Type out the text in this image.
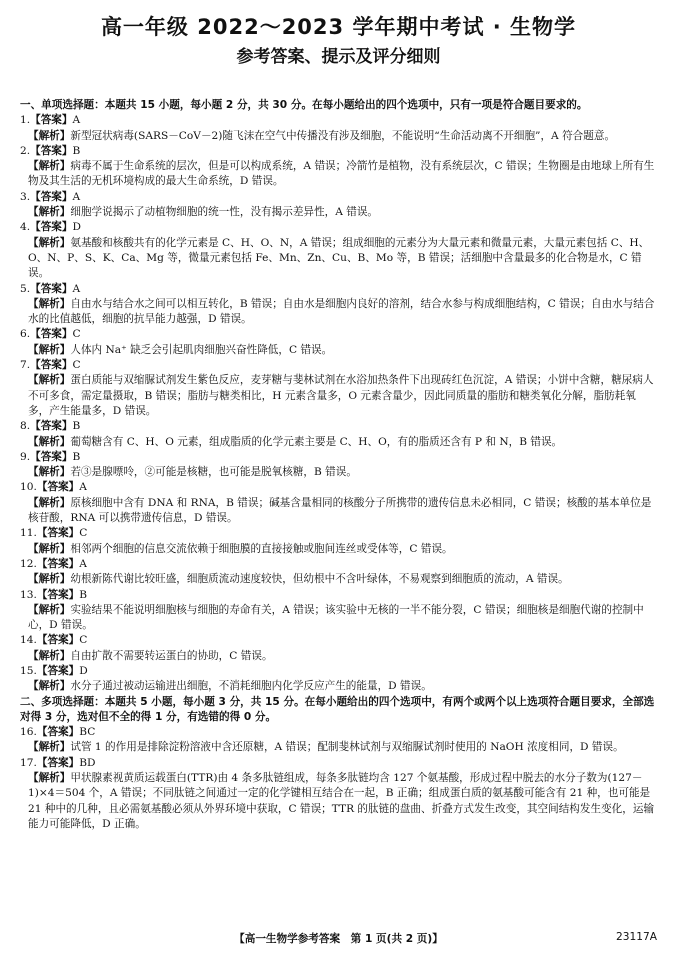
高一年级 2022～2023 学年期中考试 · 生物学
参考答案、提示及评分细则
一、单项选择题：本题共 15 小题，每小题 2 分，共 30 分。在每小题给出的四个选项中，只有一项是符合题目要求的。
1.【答案】A
【解析】新型冠状病毒(SARS－CoV－2)随飞沫在空气中传播没有涉及细胞，不能说明“生命活动离不开细胞”，A 符合题意。
2.【答案】B
【解析】病毒不属于生命系统的层次，但是可以构成系统，A 错误；冷箭竹是植物，没有系统层次，C 错误；生物圈是由地球上所有生物及其生活的无机环境构成的最大生命系统，D 错误。
3.【答案】A
【解析】细胞学说揭示了动植物细胞的统一性，没有揭示差异性，A 错误。
4.【答案】D
【解析】氨基酸和核酸共有的化学元素是 C、H、O、N，A 错误；组成细胞的元素分为大量元素和微量元素，大量元素包括 C、H、O、N、P、S、K、Ca、Mg 等，微量元素包括 Fe、Mn、Zn、Cu、B、Mo 等，B 错误；活细胞中含量最多的化合物是水，C 错误。
5.【答案】A
【解析】自由水与结合水之间可以相互转化，B 错误；自由水是细胞内良好的溶剂，结合水参与构成细胞结构，C 错误；自由水与结合水的比值越低，细胞的抗旱能力越强，D 错误。
6.【答案】C
【解析】人体内 Na⁺ 缺乏会引起肌肉细胞兴奋性降低，C 错误。
7.【答案】C
【解析】蛋白质能与双缩脲试剂发生紫色反应，麦芽糖与斐林试剂在水浴加热条件下出现砖红色沉淀，A 错误；小饼中含糖，糖尿病人不可多食，需定量摄取，B 错误；脂肪与糖类相比，H 元素含量多，O 元素含量少，因此同质量的脂肪和糖类氧化分解，脂肪耗氧多，产生能量多，D 错误。
8.【答案】B
【解析】葡萄糖含有 C、H、O 元素，组成脂质的化学元素主要是 C、H、O，有的脂质还含有 P 和 N，B 错误。
9.【答案】B
【解析】若③是腺嘌呤，②可能是核糖，也可能是脱氧核糖，B 错误。
10.【答案】A
【解析】原核细胞中含有 DNA 和 RNA，B 错误；碱基含量相同的核酸分子所携带的遗传信息未必相同，C 错误；核酸的基本单位是核苷酸，RNA 可以携带遗传信息，D 错误。
11.【答案】C
【解析】相邻两个细胞的信息交流依赖于细胞膜的直接接触或胞间连丝或受体等，C 错误。
12.【答案】A
【解析】幼根新陈代谢比较旺盛，细胞质流动速度较快，但幼根中不含叶绿体，不易观察到细胞质的流动，A 错误。
13.【答案】B
【解析】实验结果不能说明细胞核与细胞的寿命有关，A 错误；该实验中无核的一半不能分裂，C 错误；细胞核是细胞代谢的控制中心，D 错误。
14.【答案】C
【解析】自由扩散不需要转运蛋白的协助，C 错误。
15.【答案】D
【解析】水分子通过被动运输进出细胞，不消耗细胞内化学反应产生的能量，D 错误。
二、多项选择题：本题共 5 小题，每小题 3 分，共 15 分。在每小题给出的四个选项中，有两个或两个以上选项符合题目要求，全部选对得 3 分，选对但不全的得 1 分，有选错的得 0 分。
16.【答案】BC
【解析】试管 1 的作用是排除淀粉溶液中含还原糖，A 错误；配制斐林试剂与双缩脲试剂时使用的 NaOH 浓度相同，D 错误。
17.【答案】BD
【解析】甲状腺素视黄质运载蛋白(TTR)由 4 条多肽链组成，每条多肽链均含 127 个氨基酸，形成过程中脱去的水分子数为(127－1)×4＝504 个，A 错误；不同肽链之间通过一定的化学键相互结合在一起，B 正确；组成蛋白质的氨基酸可能含有 21 种，也可能是 21 种中的几种，且必需氨基酸必须从外界环境中获取，C 错误；TTR 的肽链的盘曲、折叠方式发生改变，其空间结构发生变化，运输能力可能降低，D 正确。
【高一生物学参考答案　第 1 页(共 2 页)】	23117A
